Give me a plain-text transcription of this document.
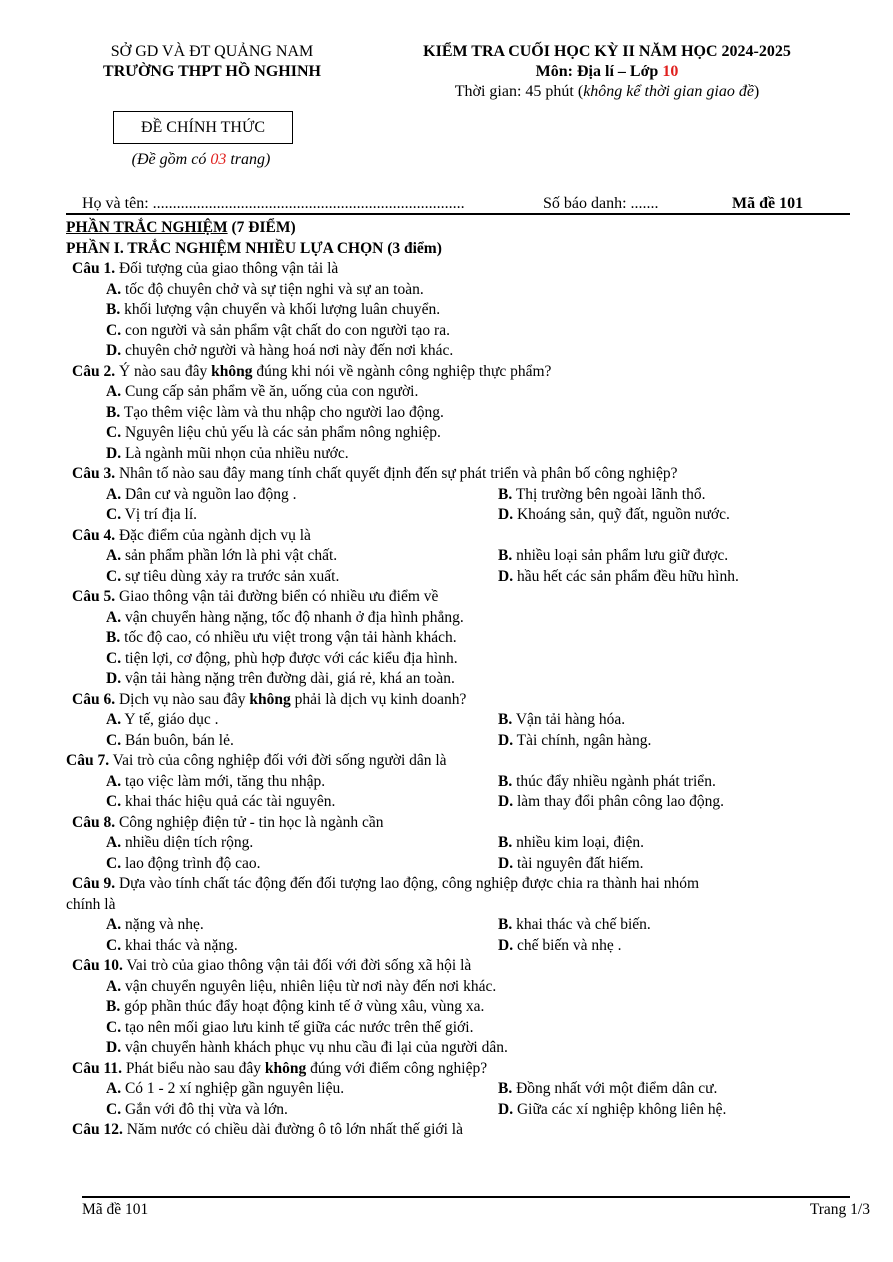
SỞ GD VÀ ĐT QUẢNG NAM
TRƯỜNG THPT HỒ NGHINH
KIỂM TRA CUỐI HỌC KỲ II NĂM HỌC 2024-2025
Môn: Địa lí – Lớp 10
Thời gian: 45 phút (không kể thời gian giao đề)
ĐỀ CHÍNH THỨC
(Đề gồm có 03 trang)
Họ và tên: ..............................................................................	Số báo danh: .......	Mã đề 101
PHẦN TRẮC NGHIỆM (7 ĐIỂM)
PHẦN I. TRẮC NGHIỆM NHIỀU LỰA CHỌN (3 điểm)
Câu 1. Đối tượng của giao thông vận tải là
A. tốc độ chuyên chở và sự tiện nghi và sự an toàn.
B. khối lượng vận chuyển và khối lượng luân chuyển.
C. con người và sản phẩm vật chất do con người tạo ra.
D. chuyên chở người và hàng hoá nơi này đến nơi khác.
Câu 2. Ý nào sau đây không đúng khi nói về ngành công nghiệp thực phẩm?
A. Cung cấp sản phẩm về ăn, uống của con người.
B. Tạo thêm việc làm và thu nhập cho người lao động.
C. Nguyên liệu chủ yếu là các sản phẩm nông nghiệp.
D. Là ngành mũi nhọn của nhiều nước.
Câu 3. Nhân tố nào sau đây mang tính chất quyết định đến sự phát triển và phân bố công nghiệp?
A. Dân cư và nguồn lao động .	B. Thị trường bên ngoài lãnh thổ.
C. Vị trí địa lí.	D. Khoáng sản, quỹ đất, nguồn nước.
Câu 4. Đặc điểm của ngành dịch vụ là
A. sản phẩm phần lớn là phi vật chất.	B. nhiều loại sản phẩm lưu giữ được.
C. sự tiêu dùng xảy ra trước sản xuất.	D. hầu hết các sản phẩm đều hữu hình.
Câu 5. Giao thông vận tải đường biển có nhiều ưu điểm về
A. vận chuyển hàng nặng, tốc độ nhanh ở địa hình phẳng.
B. tốc độ cao, có nhiều ưu việt trong vận tải hành khách.
C. tiện lợi, cơ động, phù hợp được với các kiểu địa hình.
D. vận tải hàng nặng trên đường dài, giá rẻ, khá an toàn.
Câu 6. Dịch vụ nào sau đây không phải là dịch vụ kinh doanh?
A. Y tế, giáo dục .	B. Vận tải hàng hóa.
C. Bán buôn, bán lẻ.	D. Tài chính, ngân hàng.
Câu 7. Vai trò của công nghiệp đối với đời sống người dân là
A. tạo việc làm mới, tăng thu nhập.	B. thúc đẩy nhiều ngành phát triển.
C. khai thác hiệu quả các tài nguyên.	D. làm thay đổi phân công lao động.
Câu 8. Công nghiệp điện tử - tin học là ngành cần
A. nhiều diện tích rộng.	B. nhiều kim loại, điện.
C. lao động trình độ cao.	D. tài nguyên đất hiếm.
Câu 9. Dựa vào tính chất tác động đến đối tượng lao động, công nghiệp được chia ra thành hai nhóm
chính là
A. nặng và nhẹ.	B. khai thác và chế biến.
C. khai thác và nặng.	D. chế biến và nhẹ .
Câu 10. Vai trò của giao thông vận tải đối với đời sống xã hội là
A. vận chuyển nguyên liệu, nhiên liệu từ nơi này đến nơi khác.
B. góp phần thúc đẩy hoạt động kinh tế ở vùng xâu, vùng xa.
C. tạo nên mối giao lưu kinh tế giữa các nước trên thế giới.
D. vận chuyển hành khách phục vụ nhu cầu đi lại của người dân.
Câu 11. Phát biểu nào sau đây không đúng với điểm công nghiệp?
A. Có 1 - 2 xí nghiệp gần nguyên liệu.	B. Đồng nhất với một điểm dân cư.
C. Gắn với đô thị vừa và lớn.	D. Giữa các xí nghiệp không liên hệ.
Câu 12. Năm nước có chiều dài đường ô tô lớn nhất thế giới là
Mã đề 101	Trang 1/3
